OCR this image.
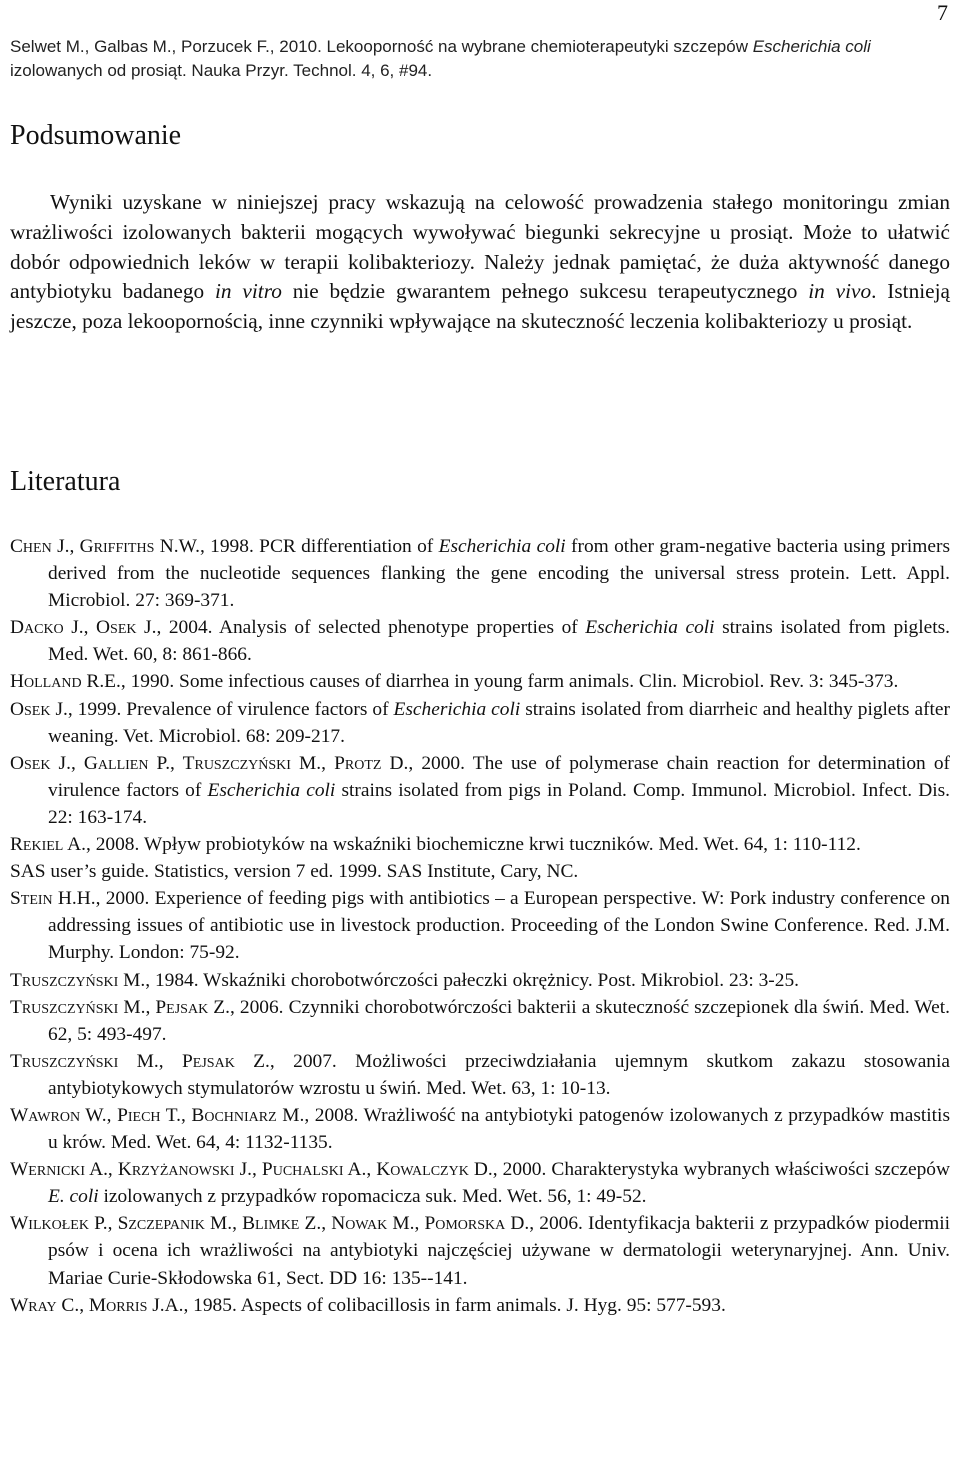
7
Selwet M., Galbas M., Porzucek F., 2010. Lekooporność na wybrane chemioterapeutyki szczepów Escherichia coli
izolowanych od prosiąt. Nauka Przyr. Technol. 4, 6, #94.
Podsumowanie

Wyniki uzyskane w niniejszej pracy wskazują na celowość prowadzenia stałego monitoringu zmian wrażliwości izolowanych bakterii mogących wywoływać biegunki sekrecyjne u prosiąt. Może to ułatwić dobór odpowiednich leków w terapii kolibakteriozy. Należy jednak pamiętać, że duża aktywność danego antybiotyku badanego in vitro nie będzie gwarantem pełnego sukcesu terapeutycznego in vivo. Istnieją jeszcze, poza lekoopornością, inne czynniki wpływające na skuteczność leczenia kolibakteriozy u prosiąt.

Literatura
Chen J., Griffiths N.W., 1998. PCR differentiation of Escherichia coli from other gram-negative bacteria using primers derived from the nucleotide sequences flanking the gene encoding the universal stress protein. Lett. Appl. Microbiol. 27: 369-371.
Dacko J., Osek J., 2004. Analysis of selected phenotype properties of Escherichia coli strains isolated from piglets. Med. Wet. 60, 8: 861-866.
Holland R.E., 1990. Some infectious causes of diarrhea in young farm animals. Clin. Microbiol. Rev. 3: 345-373.
Osek J., 1999. Prevalence of virulence factors of Escherichia coli strains isolated from diarrheic and healthy piglets after weaning. Vet. Microbiol. 68: 209-217.
Osek J., Gallien P., Truszczyński M., Protz D., 2000. The use of polymerase chain reaction for determination of virulence factors of Escherichia coli strains isolated from pigs in Poland. Comp. Immunol. Microbiol. Infect. Dis. 22: 163-174.
Rekiel A., 2008. Wpływ probiotyków na wskaźniki biochemiczne krwi tuczników. Med. Wet. 64, 1: 110-112.
SAS user’s guide. Statistics, version 7 ed. 1999. SAS Institute, Cary, NC.
Stein H.H., 2000. Experience of feeding pigs with antibiotics – a European perspective. W: Pork industry conference on addressing issues of antibiotic use in livestock production. Proceeding of the London Swine Conference. Red. J.M. Murphy. London: 75-92.
Truszczyński M., 1984. Wskaźniki chorobotwórczości pałeczki okrężnicy. Post. Mikrobiol. 23: 3-25.
Truszczyński M., Pejsak Z., 2006. Czynniki chorobotwórczości bakterii a skuteczność szczepionek dla świń. Med. Wet. 62, 5: 493-497.
Truszczyński M., Pejsak Z., 2007. Możliwości przeciwdziałania ujemnym skutkom zakazu stosowania antybiotykowych stymulatorów wzrostu u świń. Med. Wet. 63, 1: 10-13.
Wawron W., Piech T., Bochniarz M., 2008. Wrażliwość na antybiotyki patogenów izolowanych z przypadków mastitis u krów. Med. Wet. 64, 4: 1132-1135.
Wernicki A., Krzyżanowski J., Puchalski A., Kowalczyk D., 2000. Charakterystyka wybranych właściwości szczepów E. coli izolowanych z przypadków ropomacicza suk. Med. Wet. 56, 1: 49-52.
Wilkołek P., Szczepanik M., Blimke Z., Nowak M., Pomorska D., 2006. Identyfikacja bakterii z przypadków piodermii psów i ocena ich wrażliwości na antybiotyki najczęściej używane w dermatologii weterynaryjnej. Ann. Univ. Mariae Curie-Skłodowska 61, Sect. DD 16: 135--141.
Wray C., Morris J.A., 1985. Aspects of colibacillosis in farm animals. J. Hyg. 95: 577-593.
